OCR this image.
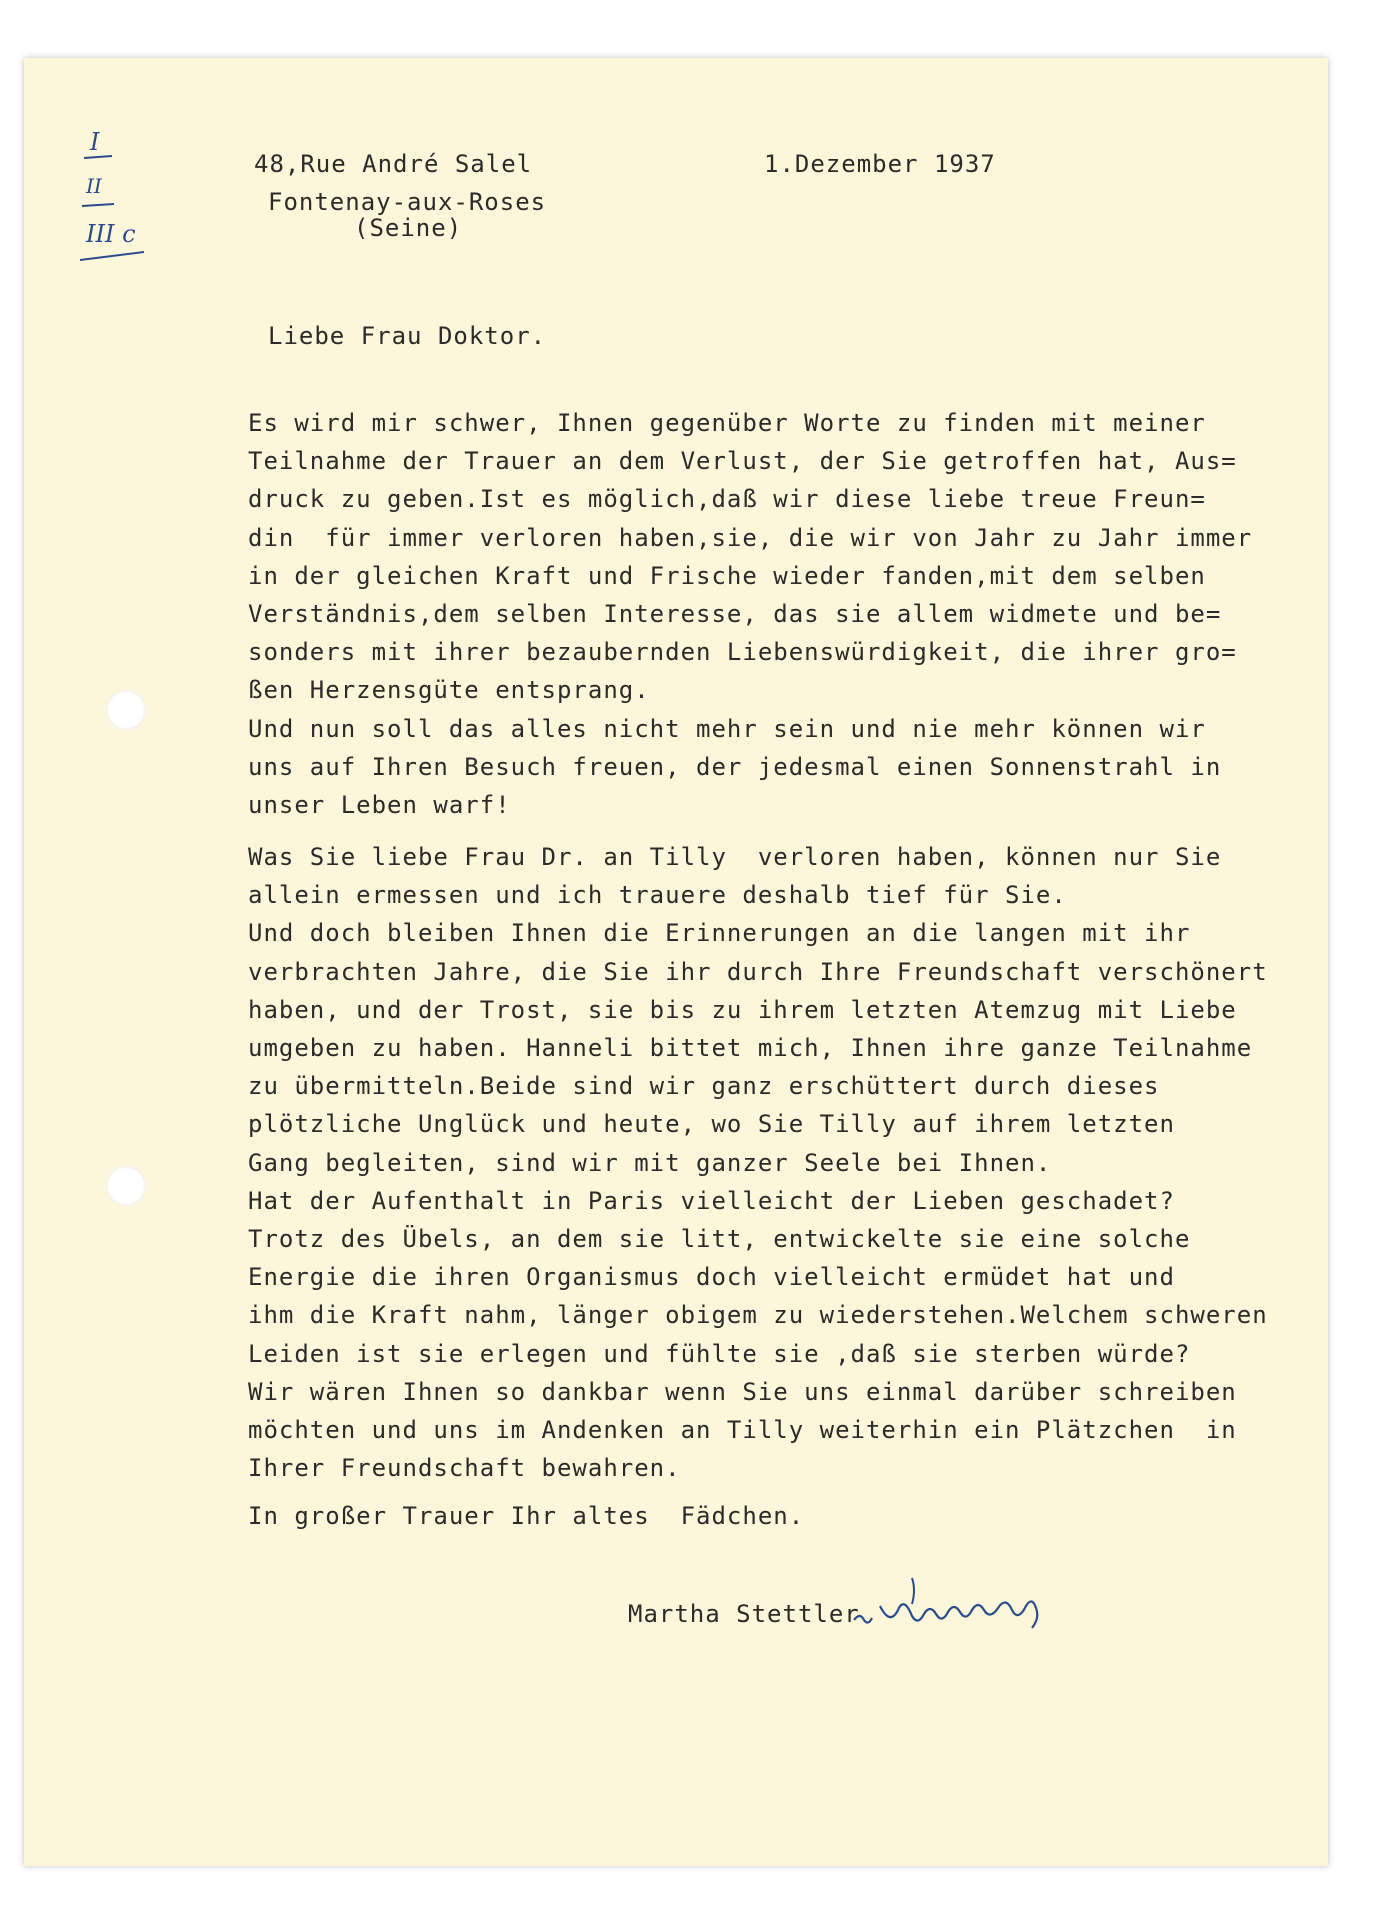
I
II
III c
48,Rue André Salel
Fontenay-aux-Roses
(Seine)
1.Dezember 1937
Liebe Frau Doktor.
Es wird mir schwer, Ihnen gegenüber Worte zu finden mit meiner
Teilnahme der Trauer an dem Verlust, der Sie getroffen hat, Aus=
druck zu geben.Ist es möglich,daß wir diese liebe treue Freun=
din  für immer verloren haben,sie, die wir von Jahr zu Jahr immer
in der gleichen Kraft und Frische wieder fanden,mit dem selben
Verständnis,dem selben Interesse, das sie allem widmete und be=
sonders mit ihrer bezaubernden Liebenswürdigkeit, die ihrer gro=
ßen Herzensgüte entsprang.
Und nun soll das alles nicht mehr sein und nie mehr können wir
uns auf Ihren Besuch freuen, der jedesmal einen Sonnenstrahl in
unser Leben warf!
Was Sie liebe Frau Dr. an Tilly  verloren haben, können nur Sie
allein ermessen und ich trauere deshalb tief für Sie.
Und doch bleiben Ihnen die Erinnerungen an die langen mit ihr
verbrachten Jahre, die Sie ihr durch Ihre Freundschaft verschönert
haben, und der Trost, sie bis zu ihrem letzten Atemzug mit Liebe
umgeben zu haben. Hanneli bittet mich, Ihnen ihre ganze Teilnahme
zu übermitteln.Beide sind wir ganz erschüttert durch dieses
plötzliche Unglück und heute, wo Sie Tilly auf ihrem letzten
Gang begleiten, sind wir mit ganzer Seele bei Ihnen.
Hat der Aufenthalt in Paris vielleicht der Lieben geschadet?
Trotz des Übels, an dem sie litt, entwickelte sie eine solche
Energie die ihren Organismus doch vielleicht ermüdet hat und
ihm die Kraft nahm, länger obigem zu wiederstehen.Welchem schweren
Leiden ist sie erlegen und fühlte sie ,daß sie sterben würde?
Wir wären Ihnen so dankbar wenn Sie uns einmal darüber schreiben
möchten und uns im Andenken an Tilly weiterhin ein Plätzchen  in
Ihrer Freundschaft bewahren.
In großer Trauer Ihr altes  Fädchen.
Martha Stettler
